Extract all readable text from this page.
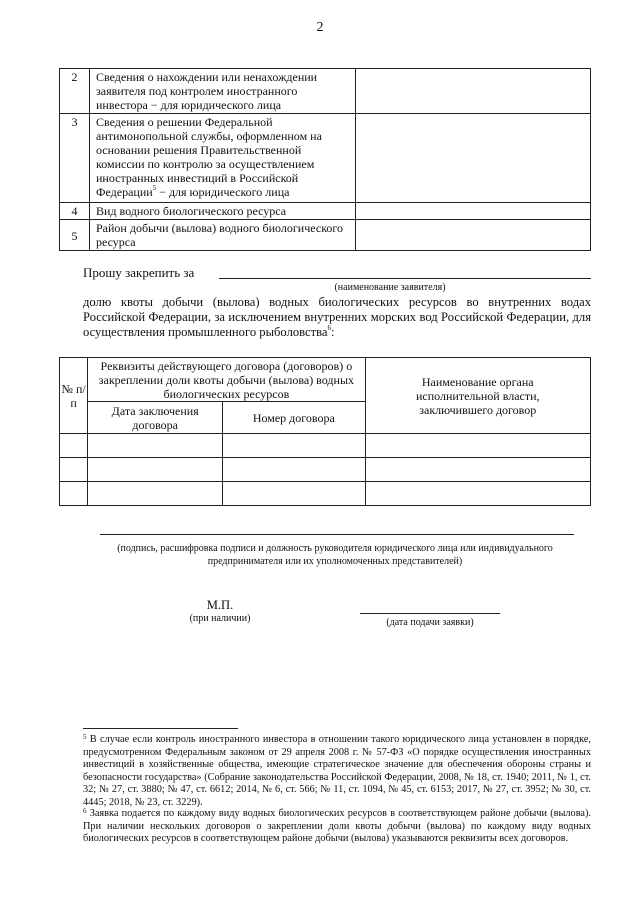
2
2	Сведения о нахождении или ненахождении заявителя под контролем иностранного инвестора − для юридического лица	
3	Сведения о решении Федеральной антимонопольной службы, оформленном на основании решения Правительственной комиссии по контролю за осуществлением иностранных инвестиций в Российской Федерации$^5$ − для юридического лица	
4	Вид водного биологического ресурса	
5	Район добычи (вылова) водного биологического ресурса	
Прошу закрепить за
(наименование заявителя)
долю квоты добычи (вылова) водных биологических ресурсов во внутренних водах Российской Федерации, за исключением внутренних морских вод Российской Федерации, для осуществления промышленного рыболовства$^6$:
№ п/п	Реквизиты действующего договора (договоров) о закреплении доли квоты добычи (вылова) водных биологических ресурсов		Наименование органа исполнительной власти, заключившего договор
	Дата заключения договора	Номер договора	

(подпись, расшифровка подписи и должность руководителя юридического лица или индивидуального предпринимателя или их уполномоченных представителей)
М.П.
(при наличии)	(дата подачи заявки)
$^5$ В случае если контроль иностранного инвестора в отношении такого юридического лица установлен в порядке, предусмотренном Федеральным законом от 29 апреля 2008 г. № 57-ФЗ «О порядке осуществления иностранных инвестиций в хозяйственные общества, имеющие стратегическое значение для обеспечения обороны страны и безопасности государства» (Собрание законодательства Российской Федерации, 2008, № 18, ст. 1940; 2011, № 1, ст. 32; № 27, ст. 3880; № 47, ст. 6612; 2014, № 6, ст. 566; № 11, ст. 1094, № 45, ст. 6153; 2017, № 27, ст. 3952; № 30, ст. 4445; 2018, № 23, ст. 3229).
$^6$ Заявка подается по каждому виду водных биологических ресурсов в соответствующем районе добычи (вылова). При наличии нескольких договоров о закреплении доли квоты добычи (вылова) по каждому виду водных биологических ресурсов в соответствующем районе добычи (вылова) указываются реквизиты всех договоров.
